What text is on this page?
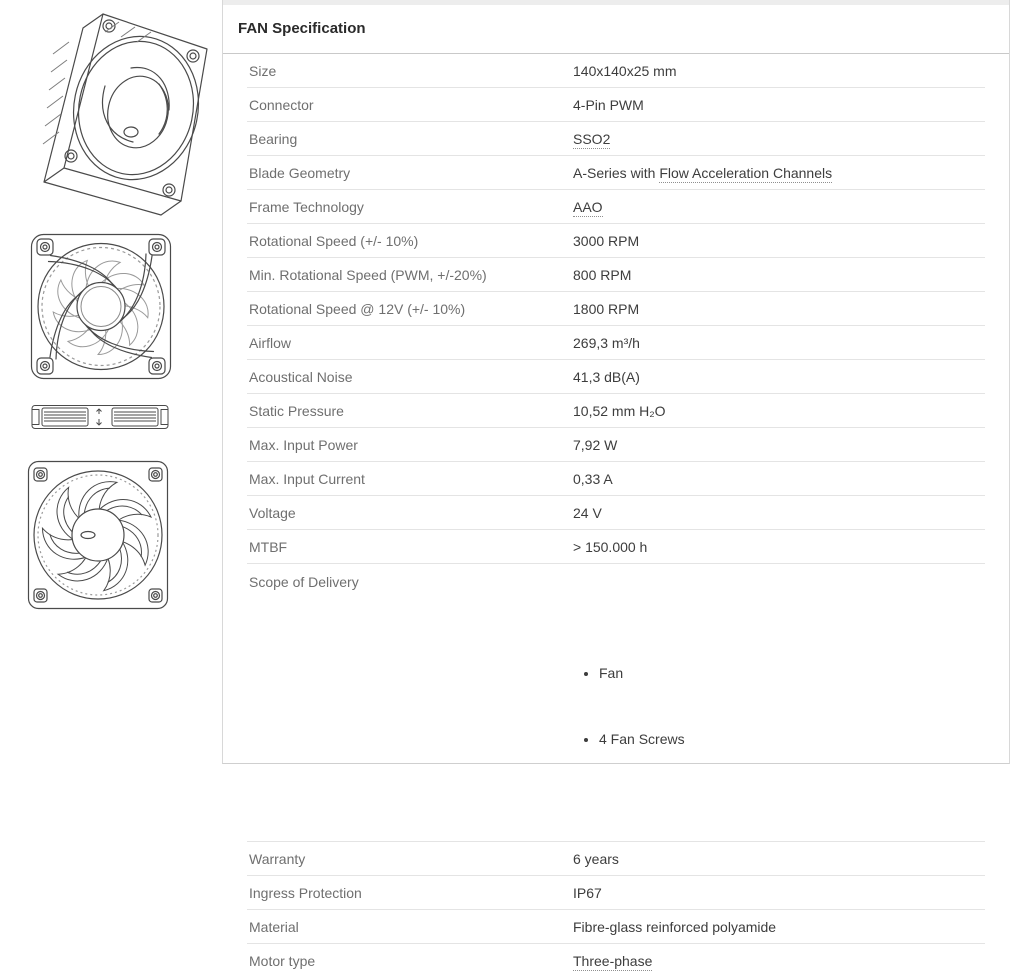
FAN Specification
Size	140x140x25 mm
Connector	4-Pin PWM
Bearing	SSO2
Blade Geometry	A-Series with Flow Acceleration Channels
Frame Technology	AAO
Rotational Speed (+/- 10%)	3000 RPM
Min. Rotational Speed (PWM, +/-20%)	800 RPM
Rotational Speed @ 12V (+/- 10%)	1800 RPM
Airflow	269,3 m³/h
Acoustical Noise	41,3 dB(A)
Static Pressure	10,52 mm H₂O
Max. Input Power	7,92 W
Max. Input Current	0,33 A
Voltage	24 V
MTBF	> 150.000 h
Scope of Delivery

• Fan

• 4 Fan Screws

Warranty	6 years
Ingress Protection	IP67
Material	Fibre-glass reinforced polyamide
Motor type	Three-phase
